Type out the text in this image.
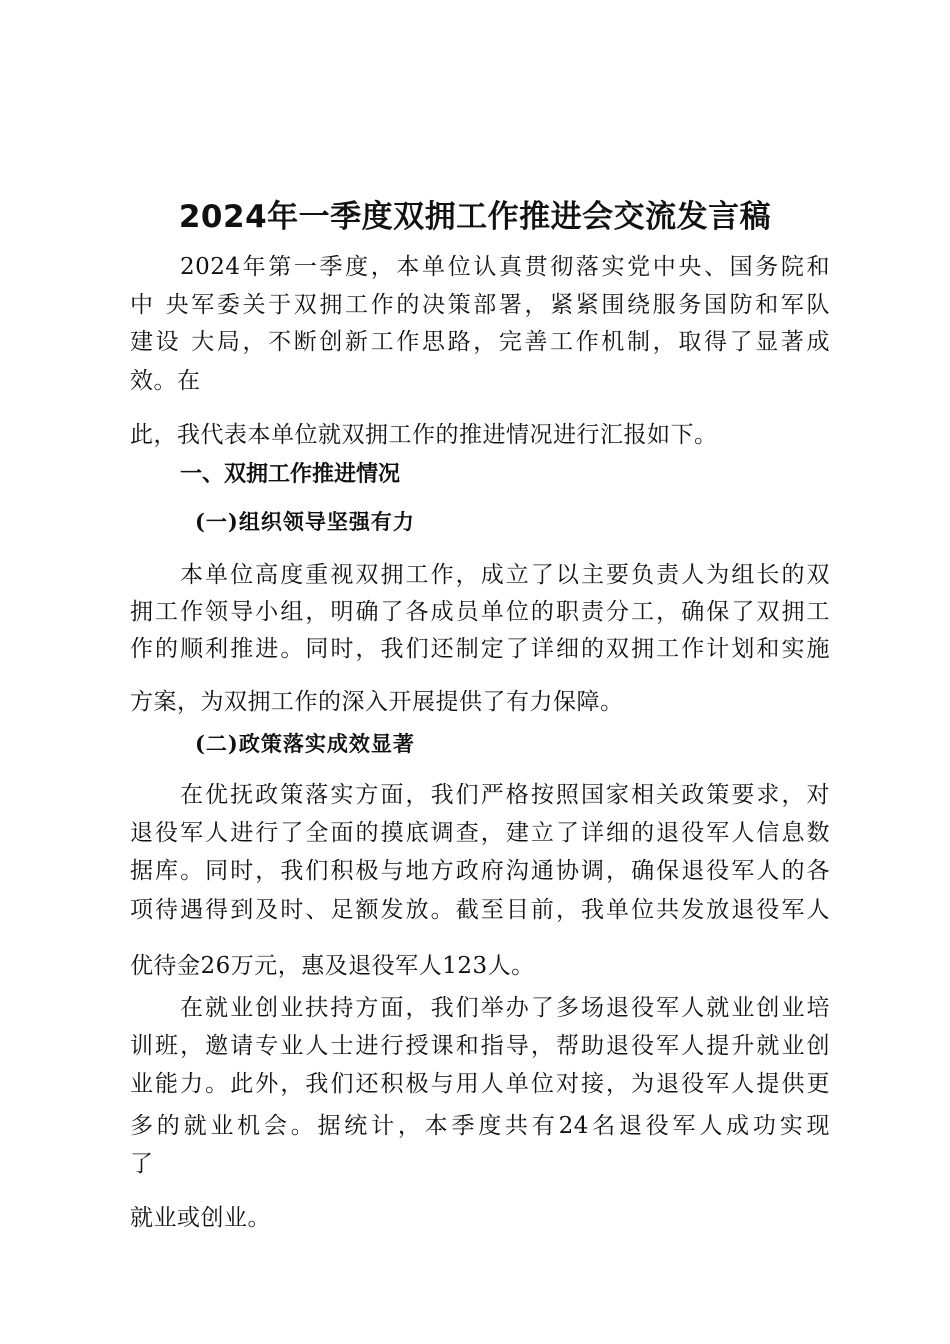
2024年一季度双拥工作推进会交流发言稿
2024年第一季度，本单位认真贯彻落实党中央、国务院和
中 央军委关于双拥工作的决策部署，紧紧围绕服务国防和军队
建设 大局，不断创新工作思路，完善工作机制，取得了显著成
效。在
此，我代表本单位就双拥工作的推进情况进行汇报如下。
一、双拥工作推进情况
(一)组织领导坚强有力
本单位高度重视双拥工作，成立了以主要负责人为组长的双
拥工作领导小组，明确了各成员单位的职责分工，确保了双拥工
作的顺利推进。同时，我们还制定了详细的双拥工作计划和实施
方案，为双拥工作的深入开展提供了有力保障。
(二)政策落实成效显著
在优抚政策落实方面，我们严格按照国家相关政策要求，对
退役军人进行了全面的摸底调查，建立了详细的退役军人信息数
据库。同时，我们积极与地方政府沟通协调，确保退役军人的各
项待遇得到及时、足额发放。截至目前，我单位共发放退役军人
优待金26万元，惠及退役军人123人。
在就业创业扶持方面，我们举办了多场退役军人就业创业培
训班，邀请专业人士进行授课和指导，帮助退役军人提升就业创
业能力。此外，我们还积极与用人单位对接，为退役军人提供更
多的就业机会。据统计，本季度共有24名退役军人成功实现
了
就业或创业。
